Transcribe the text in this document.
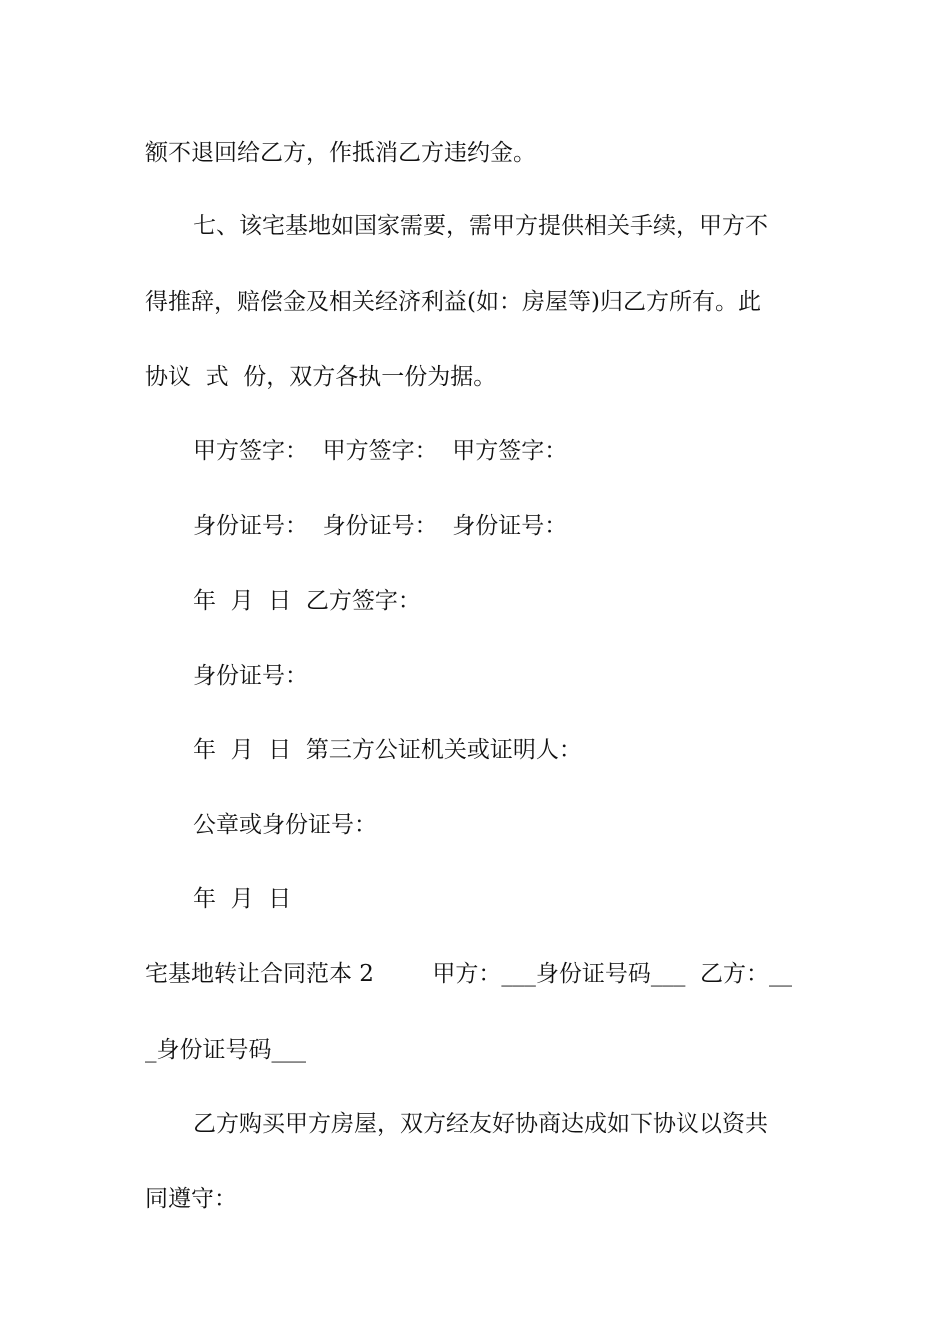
额不退回给乙方，作抵消乙方违约金。
七、该宅基地如国家需要，需甲方提供相关手续，甲方不
得推辞，赔偿金及相关经济利益(如：房屋等)归乙方所有。此
协议  式  份，双方各执一份为据。
甲方签字：  甲方签字：  甲方签字：
身份证号：  身份证号：  身份证号：
年  月  日  乙方签字：
身份证号：
年  月  日  第三方公证机关或证明人：
公章或身份证号：
年  月  日
宅基地转让合同范本 2        甲方：___身份证号码___  乙方：__
_身份证号码___
乙方购买甲方房屋，双方经友好协商达成如下协议以资共
同遵守：
